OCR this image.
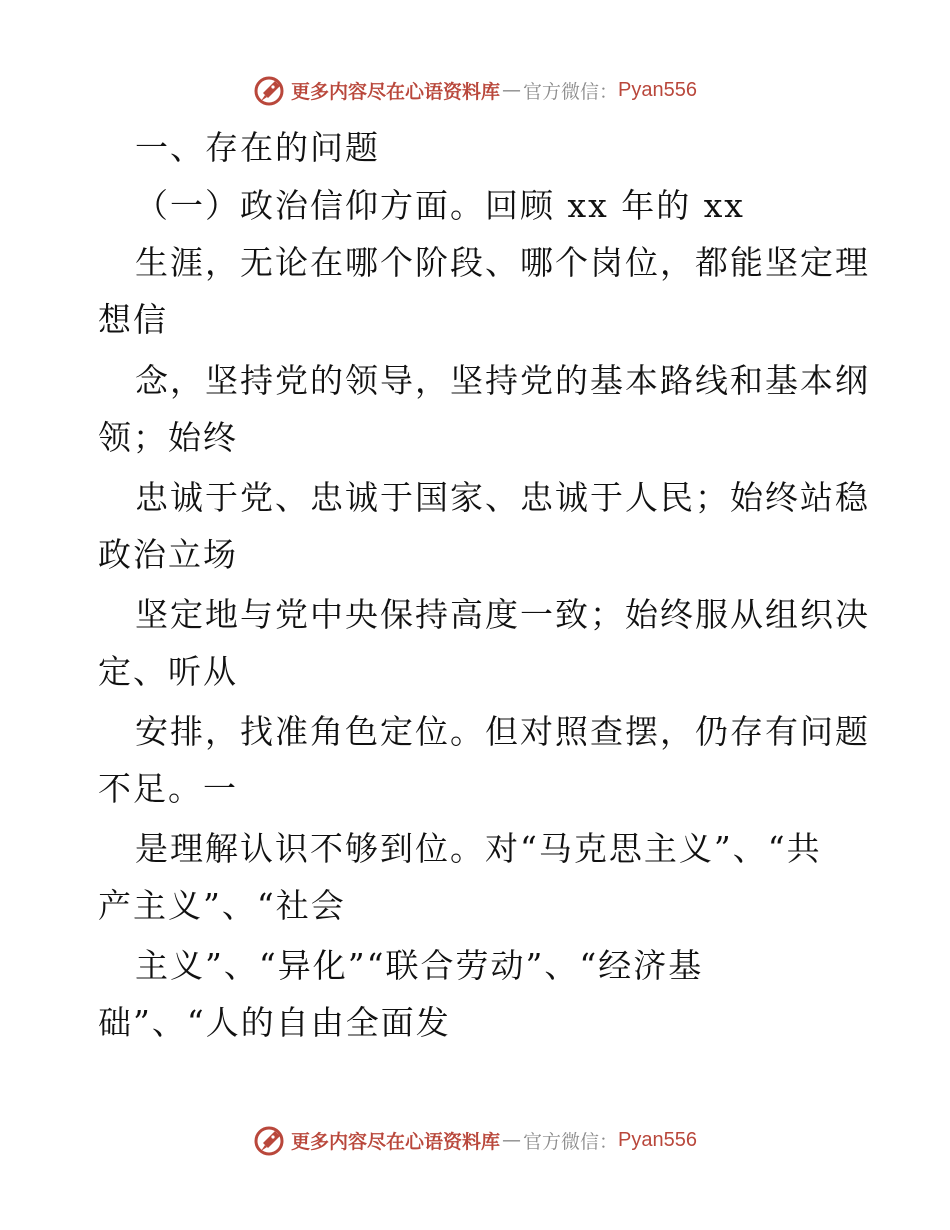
更多内容尽在心语资料库 — 官方微信： Pyan556
一、存在的问题
（一）政治信仰方面。回顾 xx 年的 xx
生涯，无论在哪个阶段、哪个岗位，都能坚定理
想信
念，坚持党的领导，坚持党的基本路线和基本纲
领；始终
忠诚于党、忠诚于国家、忠诚于人民；始终站稳
政治立场
坚定地与党中央保持高度一致；始终服从组织决
定、听从
安排，找准角色定位。但对照查摆，仍存有问题
不足。一
是理解认识不够到位。对“马克思主义”、“共
产主义”、“社会
主义”、“异化”“联合劳动”、“经济基
础”、“人的自由全面发
更多内容尽在心语资料库 — 官方微信： Pyan556
